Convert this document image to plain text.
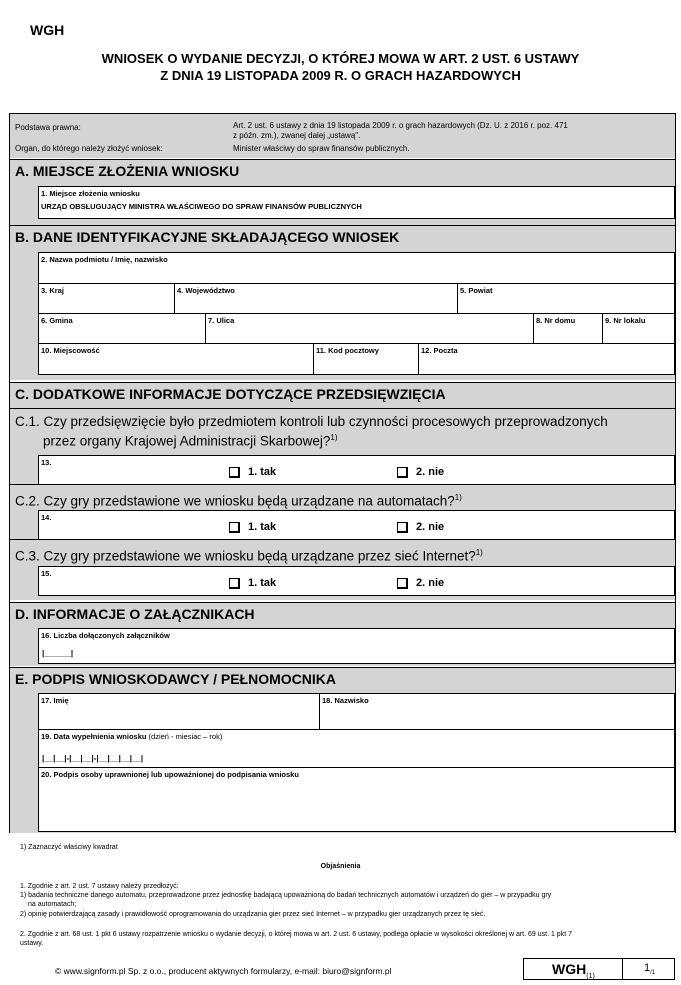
WGH
WNIOSEK O WYDANIE DECYZJI, O KTÓREJ MOWA W ART. 2 UST. 6 USTAWY
Z DNIA 19 LISTOPADA 2009 R. O GRACH HAZARDOWYCH
Podstawa prawna:	Art. 2 ust. 6 ustawy z dnia 19 listopada 2009 r. o grach hazardowych (Dz. U. z 2016 r. poz. 471
z późn. zm.), zwanej dalej „ustawą".
Organ, do którego należy złożyć wniosek:	Minister właściwy do spraw finansów publicznych.
A. MIEJSCE ZŁOŻENIA WNIOSKU
1. Miejsce złożenia wniosku
URZĄD OBSŁUGUJĄCY MINISTRA WŁAŚCIWEGO DO SPRAW FINANSÓW PUBLICZNYCH
B. DANE IDENTYFIKACYJNE SKŁADAJĄCEGO WNIOSEK
2. Nazwa podmiotu / Imię, nazwisko
3. Kraj	4. Województwo	5. Powiat
6. Gmina	7. Ulica	8. Nr domu	9. Nr lokalu
10. Miejscowość	11. Kod pocztowy	12. Poczta
C. DODATKOWE INFORMACJE DOTYCZĄCE PRZEDSIĘWZIĘCIA
C.1. Czy przedsięwzięcie było przedmiotem kontroli lub czynności procesowych przeprowadzonych
przez organy Krajowej Administracji Skarbowej?$^{1)}$
13.
1. tak	2. nie
C.2. Czy gry przedstawione we wniosku będą urządzane na automatach?$^{1)}$
14.
1. tak	2. nie
C.3. Czy gry przedstawione we wniosku będą urządzane przez sieć Internet?$^{1)}$
15.
1. tak	2. nie
D. INFORMACJE O ZAŁĄCZNIKACH
16. Liczba dołączonych załączników
|______|
E. PODPIS WNIOSKODAWCY / PEŁNOMOCNIKA
17. Imię	18. Nazwisko
19. Data wypełnienia wniosku (dzień - miesiac – rok)
|__|__|-|__|__|-|__|__|__|__|
20. Podpis osoby uprawnionej lub upoważnionej do podpisania wniosku
1) Zaznaczyć właściwy kwadrat
Objaśnienia
1. Zgodnie z art. 2 ust. 7 ustawy należy przedłożyć:
1) badania techniczne danego automatu, przeprowadzone przez jednostkę badającą upoważnioną do badań technicznych automatów i urządzeń do gier – w przypadku gry
na automatach;
2) opinię potwierdzającą zasady i prawidłowość oprogramowania do urządzania gier przez sieć Internet – w przypadku gier urządzanych przez tę sieć.
2. Zgodnie z art. 68 ust. 1 pkt 6 ustawy rozpatrzenie wniosku o wydanie decyzji, o której mowa w art. 2 ust. 6 ustawy, podlega opłacie w wysokości określonej w art. 69 ust. 1 pkt 7
ustawy.
© www.signform.pl Sp. z o.o., producent aktywnych formularzy, e-mail: biuro@signform.pl	$WGH_{(1)}$
$1_{/1}$
